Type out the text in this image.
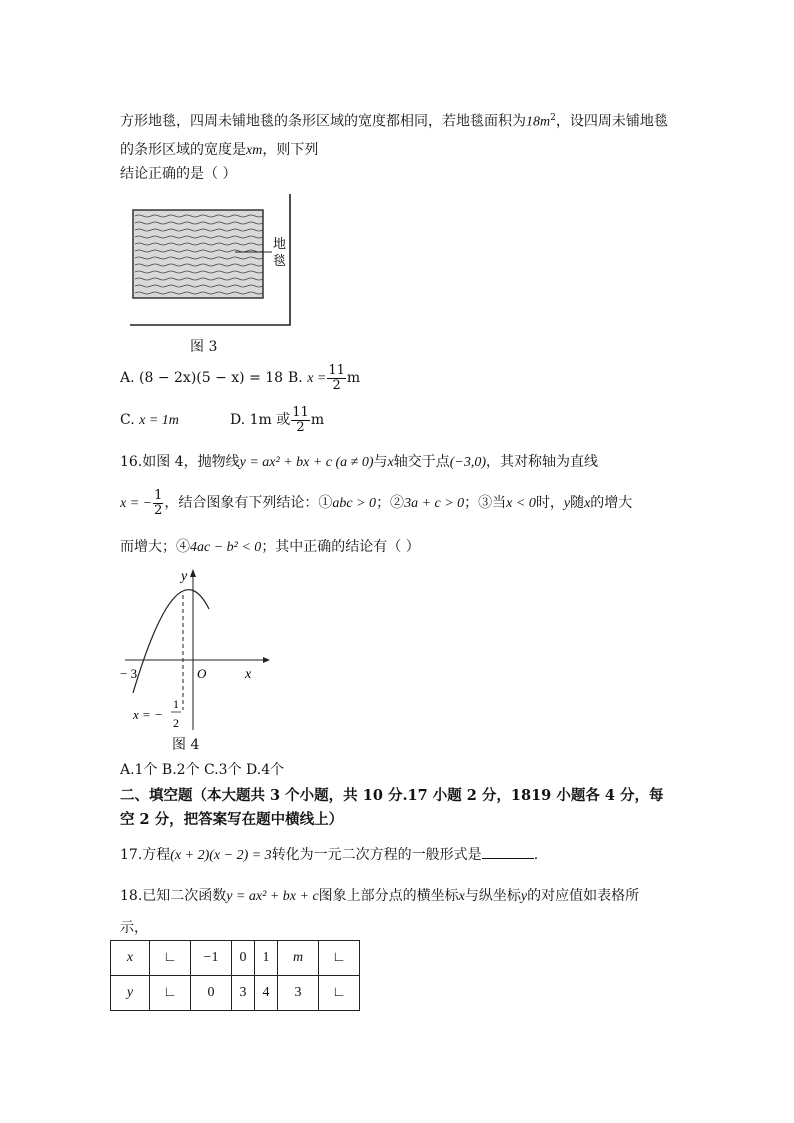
方形地毯，四周未铺地毯的条形区域的宽度都相同，若地毯面积为$18m^2$，设四周未铺地毯
的条形区域的宽度是xm，则下列
结论正确的是（ ）
地
毯
图 3
A. (8 − 2x)(5 − x) = 18 B. $x = \frac{11}{2}$ m
C. x = 1m	D. 1m 或 $\frac{11}{2}$ m
16.如图 4，抛物线y = ax² + bx + c (a ≠ 0)与x轴交于点(−3,0)，其对称轴为直线
x = − $\frac{1}{2}$ ，结合图象有下列结论：①abc > 0；②3a + c > 0；③当x < 0时，y随x的增大
而增大；④4ac − b² < 0；其中正确的结论有（ ）
y
x
O
− 3
x = −
1
2
图 4
A.1个 B.2个 C.3个 D.4个
二、填空题（本大题共 3 个小题，共 10 分.17 小题 2 分，1819 小题各 4 分，每
空 2 分，把答案写在题中横线上）
17.方程(x + 2)(x − 2) = 3转化为一元二次方程的一般形式是	.
18.已知二次函数y = ax² + bx + c图象上部分点的横坐标x与纵坐标y的对应值如表格所
示，
x	∟	−1	0	1	m	∟
y	∟	0	3	4	3	∟
